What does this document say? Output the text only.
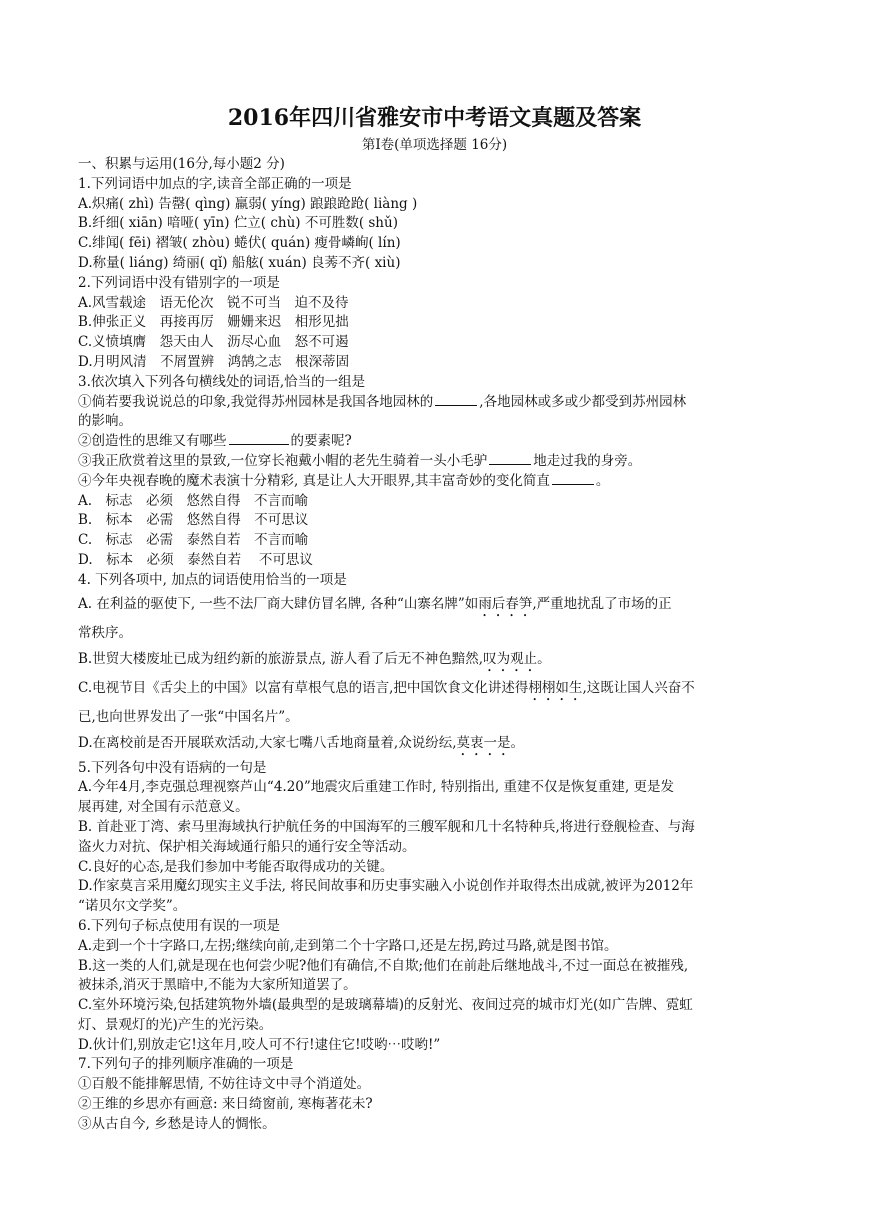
2016年四川省雅安市中考语文真题及答案
第Ⅰ卷(单项选择题 16分)
一、积累与运用(16分,每小题2 分)
1.下列词语中加点的字,读音全部正确的一项是
A.炽痛( zhì) 告罄( qìng) 羸弱( yíng) 踉踉跄跄( liàng )
B.纤细( xiān) 喑哑( yīn) 伫立( chù) 不可胜数( shǔ)
C.绯闻( fēi) 褶皱( zhòu) 蜷伏( quán) 瘦骨嶙峋( lín)
D.称量( liáng) 绮丽( qǐ) 船舷( xuán) 良莠不齐( xiù)
2.下列词语中没有错别字的一项是
A.风雪载途　语无伦次　锐不可当　迫不及待
B.伸张正义　再接再厉　姗姗来迟　相形见拙
C.义愤填膺　怨天由人　沥尽心血　怒不可遏
D.月明风清　不屑置辨　鸿鹄之志　根深蒂固
3.依次填入下列各句横线处的词语,恰当的一组是
①倘若要我说说总的印象,我觉得苏州园林是我国各地园林的	,各地园林或多或少都受到苏州园林
的影响。
②创造性的思维又有哪些	的要素呢?
③我正欣赏着这里的景致,一位穿长袍戴小帽的老先生骑着一头小毛驴	地走过我的身旁。
④今年央视春晚的魔术表演十分精彩, 真是让人大开眼界,其丰富奇妙的变化简直	。
A.　标志　必须　悠然自得　不言而喻
B.　标本　必需　悠然自得　不可思议
C.　标志　必需　泰然自若　不言而喻
D.　标本　必须　泰然自若　 不可思议
4. 下列各项中, 加点的词语使用恰当的一项是
A. 在利益的驱使下, 一些不法厂商大肆仿冒名牌, 各种“山寨名牌”如雨后春笋,严重地扰乱了市场的正
常秩序。
B.世贸大楼废址已成为纽约新的旅游景点, 游人看了后无不神色黯然,叹为观止。
C.电视节目《舌尖上的中国》以富有草根气息的语言,把中国饮食文化讲述得栩栩如生,这既让国人兴奋不
已,也向世界发出了一张“中国名片”。
D.在离校前是否开展联欢活动,大家七嘴八舌地商量着,众说纷纭,莫衷一是。
5.下列各句中没有语病的一句是
A.今年4月,李克强总理视察芦山“4.20”地震灾后重建工作时, 特别指出, 重建不仅是恢复重建, 更是发
展再建, 对全国有示范意义。
B. 首赴亚丁湾、索马里海域执行护航任务的中国海军的三艘军舰和几十名特种兵,将进行登舰检查、与海
盗火力对抗、保护相关海域通行船只的通行安全等活动。
C.良好的心态,是我们参加中考能否取得成功的关键。
D.作家莫言采用魔幻现实主义手法, 将民间故事和历史事实融入小说创作并取得杰出成就,被评为2012年
“诺贝尔文学奖”。
6.下列句子标点使用有误的一项是
A.走到一个十字路口,左拐;继续向前,走到第二个十字路口,还是左拐,跨过马路,就是图书馆。
B.这一类的人们,就是现在也何尝少呢?他们有确信,不自欺;他们在前赴后继地战斗,不过一面总在被摧残,
被抹杀,消灭于黑暗中,不能为大家所知道罢了。
C.室外环境污染,包括建筑物外墙(最典型的是玻璃幕墙)的反射光、夜间过亮的城市灯光(如广告牌、霓虹
灯、景观灯的光)产生的光污染。
D.伙计们,别放走它!这年月,咬人可不行!逮住它!哎哟⋯哎哟!”
7.下列句子的排列顺序准确的一项是
①百般不能排解思情, 不妨往诗文中寻个消道处。
②王维的乡思亦有画意: 来日绮窗前, 寒梅著花未?
③从古自今, 乡愁是诗人的惆怅。
